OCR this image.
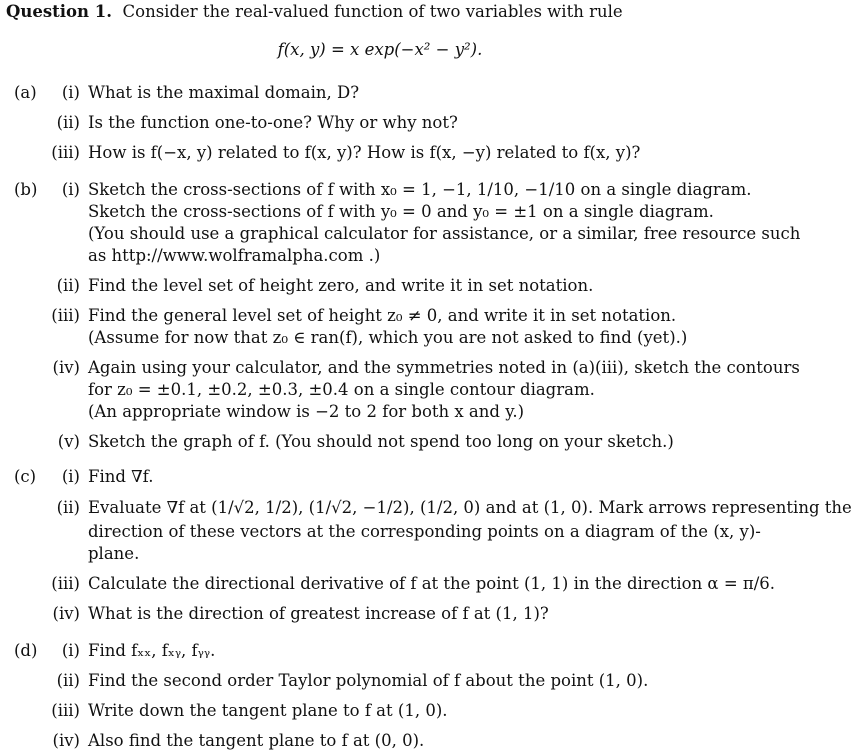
Question 1. Consider the real-valued function of two variables with rule
f(x, y) = x exp(−x² − y²).
(a)	(i) What is the maximal domain, D?
(ii) Is the function one-to-one? Why or why not?
(iii) How is f(−x, y) related to f(x, y)? How is f(x, −y) related to f(x, y)?
(b)	(i) Sketch the cross-sections of f with x₀ = 1, −1, 1/10, −1/10 on a single diagram.
Sketch the cross-sections of f with y₀ = 0 and y₀ = ±1 on a single diagram.
(You should use a graphical calculator for assistance, or a similar, free resource such
as http://www.wolframalpha.com .)
(ii) Find the level set of height zero, and write it in set notation.
(iii) Find the general level set of height z₀ ≠ 0, and write it in set notation.
(Assume for now that z₀ ∈ ran(f), which you are not asked to find (yet).)
(iv) Again using your calculator, and the symmetries noted in (a)(iii), sketch the contours
for z₀ = ±0.1, ±0.2, ±0.3, ±0.4 on a single contour diagram.
(An appropriate window is −2 to 2 for both x and y.)
(v) Sketch the graph of f. (You should not spend too long on your sketch.)
(c)	(i) Find ∇f.
(ii) Evaluate ∇f at (1/√2, 1/2), (1/√2, −1/2), (1/2, 0) and at (1, 0). Mark arrows representing the
direction of these vectors at the corresponding points on a diagram of the (x, y)-
plane.
(iii) Calculate the directional derivative of f at the point (1, 1) in the direction α = π/6.
(iv) What is the direction of greatest increase of f at (1, 1)?
(d)	(i) Find fₓₓ, fₓᵧ, fᵧᵧ.
(ii) Find the second order Taylor polynomial of f about the point (1, 0).
(iii) Write down the tangent plane to f at (1, 0).
(iv) Also find the tangent plane to f at (0, 0).
